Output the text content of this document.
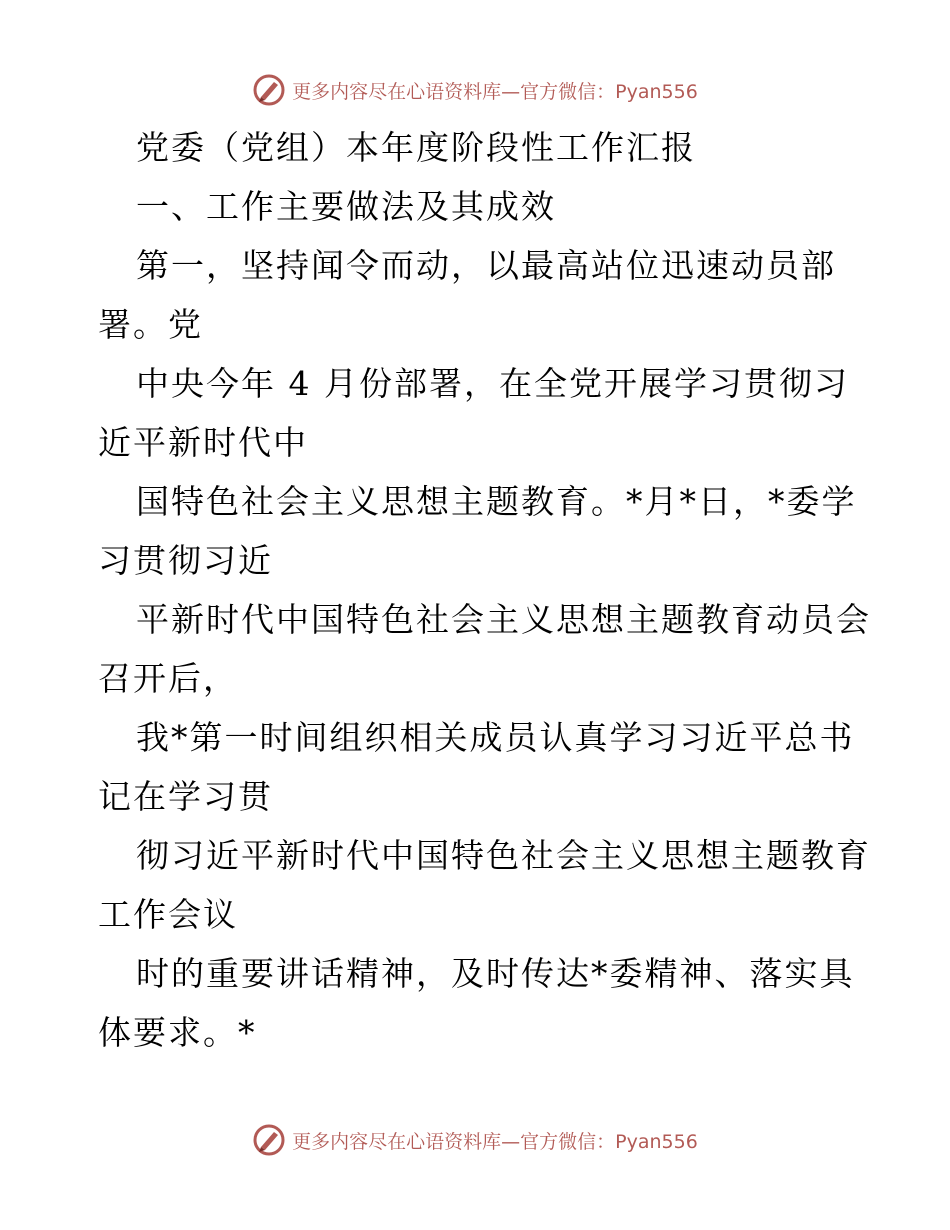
更多内容尽在心语资料库—官方微信：Pyan556
党委（党组）本年度阶段性工作汇报
一、工作主要做法及其成效
第一，坚持闻令而动，以最高站位迅速动员部
署。党
中央今年 4 月份部署，在全党开展学习贯彻习
近平新时代中
国特色社会主义思想主题教育。*月*日，*委学
习贯彻习近
平新时代中国特色社会主义思想主题教育动员会
召开后，
我*第一时间组织相关成员认真学习习近平总书
记在学习贯
彻习近平新时代中国特色社会主义思想主题教育
工作会议
时的重要讲话精神，及时传达*委精神、落实具
体要求。*
更多内容尽在心语资料库—官方微信：Pyan556
